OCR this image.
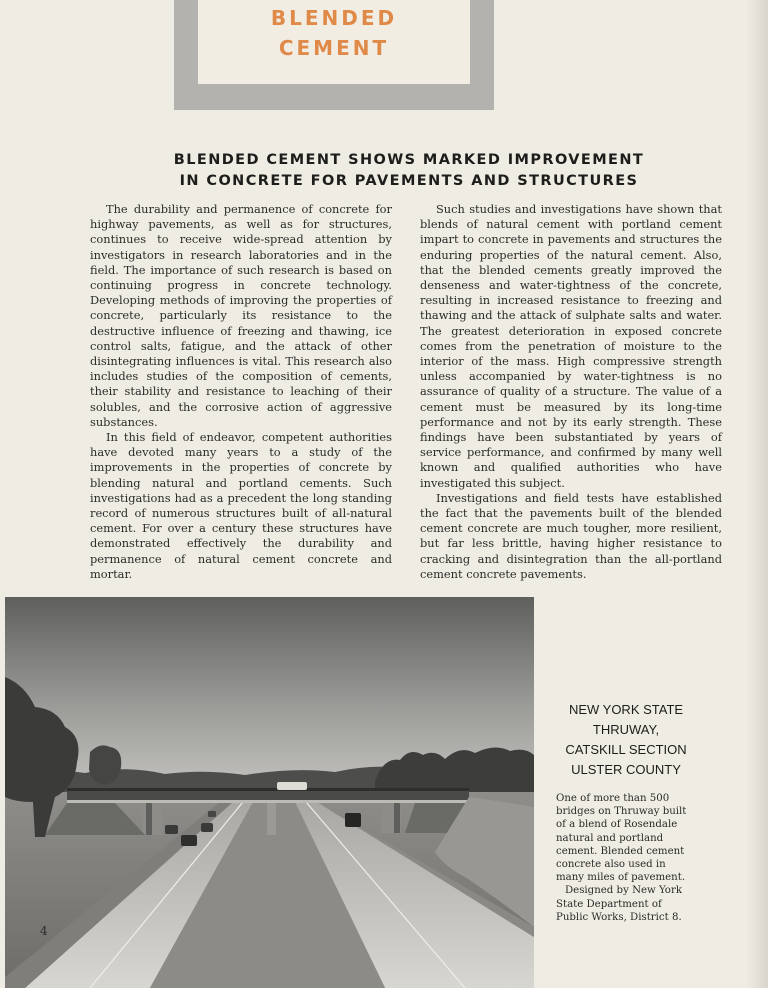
BLENDED
CEMENT
BLENDED CEMENT SHOWS MARKED IMPROVEMENT
IN CONCRETE FOR PAVEMENTS AND STRUCTURES

The durability and permanence of concrete for highway pavements, as well as for structures, continues to receive wide-spread attention by investigators in research laboratories and in the field. The importance of such research is based on continuing progress in concrete technology. Developing methods of improving the properties of concrete, particularly its resistance to the destructive influence of freezing and thawing, ice control salts, fatigue, and the attack of other disintegrating influences is vital. This research also includes studies of the composition of cements, their stability and resistance to leaching of their solubles, and the corrosive action of aggressive substances.

In this field of endeavor, competent authorities have devoted many years to a study of the improvements in the properties of concrete by blending natural and portland cements. Such investigations had as a precedent the long standing record of numerous structures built of all-natural cement. For over a century these structures have demonstrated effectively the durability and permanence of natural cement concrete and mortar.

Such studies and investigations have shown that blends of natural cement with portland cement impart to concrete in pavements and structures the enduring properties of the natural cement. Also, that the blended cements greatly improved the denseness and water-tightness of the concrete, resulting in increased resistance to freezing and thawing and the attack of sulphate salts and water. The greatest deterioration in exposed concrete comes from the penetration of moisture to the interior of the mass. High compressive strength unless accompanied by water-tightness is no assurance of quality of a structure. The value of a cement must be measured by its long-time performance and not by its early strength. These findings have been substantiated by years of service performance, and confirmed by many well known and qualified authorities who have investigated this subject.

Investigations and field tests have established the fact that the pavements built of the blended cement concrete are much tougher, more resilient, but far less brittle, having higher resistance to cracking and disintegration than the all-portland cement concrete pavements.

4
NEW YORK STATE
THRUWAY,
CATSKILL SECTION
ULSTER COUNTY

One of more than 500 bridges on Thruway built of a blend of Rosendale natural and portland cement. Blended cement concrete also used in many miles of pavement.

Designed by New York State Department of Public Works, District 8.
